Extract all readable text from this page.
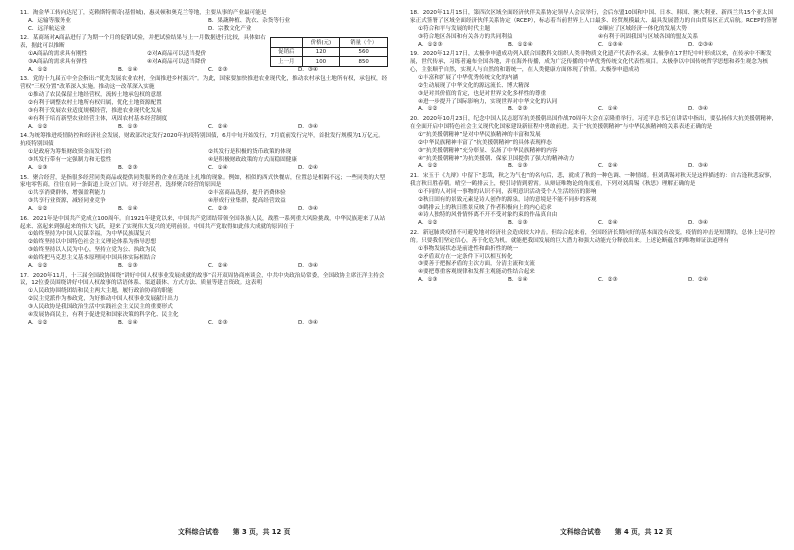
11．淘金华工转向达尼丁，克赖斯特彻奇(基督城)，惠灵顿和奥克兰等地，主要从事的产业最可能是

A．运输等服务业	B．果蔬种植、洗衣、杂货等行业
C．远洋航运业	D．宗教文化产业

12．某商场对A商品进行了为期一个月的促销试验，并把试验结果与上一月数据进行比较，具体如右表，据此可以推断

①A商品的需求具有刚性	②对A商品可以适当提价
③A商品的需求具有弹性	④对A商品可以适当降价
	价格(元)	销量（个）
促销后	120	560
上一月	100	850
A．①②	B．①④	C．②③	D．③④

13．党的十九届五中全会指出:“优先发展农业农村，全面推进乡村振兴”。为此，国家要加快推进农业现代化，推动农村承包土地所有权，承包权，经营权“三权分置”改革深入实施。推动这一改革深入实施

①推动了农民保留土地经营权，流转土地承包权的意愿

②有利于调整农村土地所有权归属，优化土地资源配置

③有利于发展农业适度规模经营，推进农业现代化发展

④有利于培育新型农业经营主体，巩固农村基本经营制度

A．①②	B．①③	C．②④	D．③④

14.为统筹推进疫情防控和经济社会发展，财政部决定发行2020年抗疫特别国债，6月中旬开始发行，7月底前发行完毕，首批发行规模为1万亿元。抗疫特别国债

①是政府为筹集财政资金而发行的	②其发行是积极的货币政策的体现
③其发行带有一定强制力和无偿性	④是积极财政政策的方式而稳固健康
A．①③	B．②③	C．①④	D．②④

15．聚合经营，是指很多经营同类商品或提供同类服务的企业在选址上扎堆的现象。例如，相似的西式快餐店，位置总是相隔不远；一些同类的大型家电零售商，往往在同一条街道上设立门店。对于经营者，选择聚合经营的原因是

①共享消费群体，增强盈利能力	②丰富商品选择，提升消费体验
③共享行业资源，减轻同业竞争	④形成行业集群，提高经营效益
A．①②	B．①④	C．②③	D．③④

16．2021年是中国共产党成立100周年。自1921年建党以来，中国共产党团结带领全国各族人民，战胜一系列重大风险挑战，中华民族迎来了从站起来、富起来到强起来的伟大飞跃，迎来了实现伟大复兴的光明前景。中国共产党取得如此伟大成就的原因在于

①始终坚持为中国人民谋幸福，为中华民族谋复兴

②始终坚持以中国特色社会主义理论体系为指导思想

③始终坚持以人民为中心，坚持立党为公、执政为民

④始终把马克思主义基本原理同中国具体实际相结合

A．①②	B．①③	C．②④	D．③④

17．2020年11月，十三届全国政协围绕“讲好中国人权事业发展成就的故事”召开双周协商座谈会，中共中央政治局常委，全国政协主席汪洋主持会议，12位委员围绕讲好中国人权故事的话语体系、渠道载体、方式方法、质量等建言资政。这表明

①人民政协围绕团结和民主两大主题，履行政治协商的职能

②民主党派作为参政党，为好推动中国人权事业发展献计出力

③人民政协是我国政治生活中实践社会主义民主的重要形式

④发展协商民主，有利于促进党和国家决策的科学化、民主化

A．①②	B．①④	C．②③	D．③④

18．2020年11月15日，第四次区域全面经济伙伴关系协定领导人会议举行，会后东盟10国和中国、日本、韩国、澳大利亚、新西兰共15个亚太国家正式签署了区域全面经济伙伴关系协定（RCEP），标志着当前世界上人口最多、经贸规模最大、最具发展潜力的自由贸易区正式启航。RCEP的签署

①符合和平与发展的时代主题	②顺应了区域经济一体化的发展大势
③符合地区各国和有关各方的共同利益	④有利于巩固我国与区域各国的盟友关系
A．①②③	B．①②④	C．①③④	D．②③④

19．2020年12月17日，太极拳申遗成功列入联合国教科文组织人类非物质文化遗产代表作名录。太极拳在17世纪中叶形成以来，在传承中不断发展，世代传承，习练者遍布全国各地，并在海外传播，成为广泛传播的中华优秀传统文化代表性项目。太极拳以中国传统哲学思想和养生观念为核心，主张顺乎自然，实现人与自然的和谐统一，在人类健康方面体现了价值。太极拳申遗成功

①丰富和扩展了中华优秀传统文化的内涵

②生动展现了中华文化的源远流长、博大精深

③是对其价值的肯定，也是对世界文化多样性的尊重

④进一步提升了国际影响力，实现世界对中华文化的认同

A．①②	B．②③	C．①④	D．③④

20．2020年10月23日，纪念中国人民志愿军抗美援朝出国作战70周年大会在京隆重举行。习近平总书记在讲话中指出，要弘扬伟大抗美援朝精神，在全面开启中国特色社会主义现代化国家建设新征程中勇敢前进。关于“抗美援朝精神”与中华民族精神的关系表述正确的是

①“抗美援朝精神”是对中华民族精神的丰富和发展

②中华民族精神丰富了“抗美援朝精神”的具体表现样态

③“抗美援朝精神”充分彰显、弘扬了中华民族精神的内容

④“抗美援朝精神”为抗美援朝、保家卫国提供了强大的精神动力

A．①②	B．①③	C．②④	D．③④

21．宋玉于《九辩》中留下“悲哉，秋之为气也”的名句后，悲，就成了秋的一种色调、一种情绪。但刘禹锡对秋天是这样描述的：自古逢秋悲寂寥，我言秋日胜春朝。晴空一鹤排云上，便引诗情到碧霄。从辩证唯物论的角度看，下列对刘禹锡《秋思》理解正确的是

①不同的人对同一事物的认识不同，表明意识活动受个人生活经历的影响

②秋日固有的景致元素是诗人创作的源泉，诗的意境是不能不同步的客观

③鹤排云上的秋日胜景反映了作者积极向上的内心追求

④诗人独特的风骨情怀离不开不受对象约束的作品真自由

A．①②	B．①③	C．②④	D．③④

22．新冠肺炎疫情不可避免地对经济社会造成较大冲击。但综合起来看，全国经济长期向好的基本面没有改变，疫情的冲击是短期的，总体上是可控的。只要我们坚定信心，善于化危为机，就能把我国发展的巨大潜力和强大动能充分释放出来。上述论断蕴含的唯物辩证法道理有

①事物发展状态是前进性和曲折性的统一

②矛盾双方在一定条件下可以相互转化

③要善于把握矛盾的主次方面，分清主流和支流

④要把尊重客观规律和发挥主观能动性结合起来

A．①③	B．①④	C．②③	D．②④
文科综合试卷 第 3 页，共 12 页	文科综合试卷 第 4 页，共 12 页
